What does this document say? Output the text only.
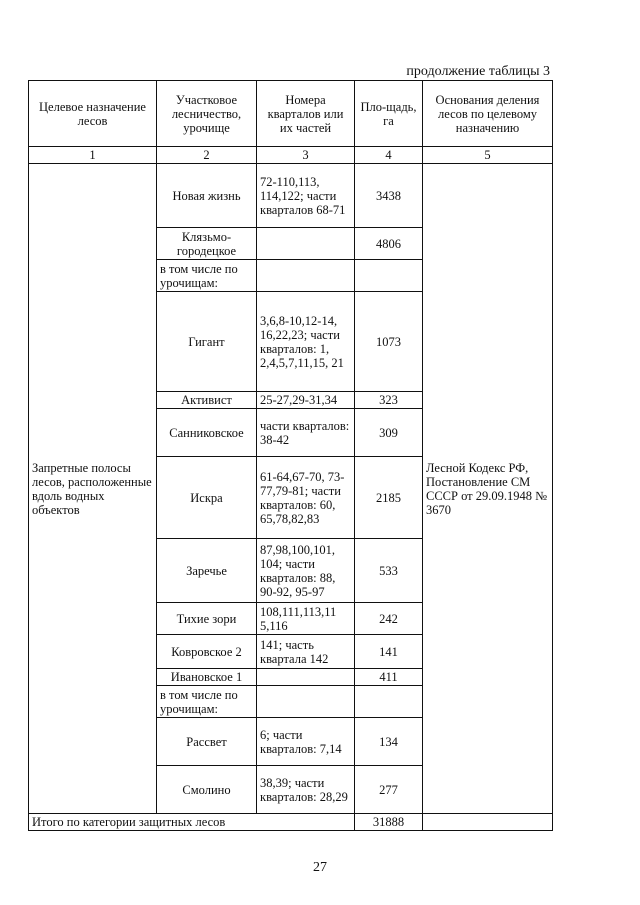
продолжение таблицы 3
Целевое назначение лесов	Участковое лесничество, урочище	Номера кварталов или их частей	Пло-щадь, га	Основания деления лесов по целевому назначению
1	2	3	4	5
Запретные полосы лесов, расположенные вдоль водных объектов	Новая жизнь	72-110,113, 114,122; части кварталов 68-71	3438	Лесной Кодекс РФ, Постановление СМ СССР от 29.09.1948 № 3670
	Клязьмо-городецкое		4806	
	в том числе по урочищам:			
	Гигант	3,6,8-10,12-14, 16,22,23; части кварталов: 1, 2,4,5,7,11,15, 21	1073	
	Активист	25-27,29-31,34	323	
	Санниковское	части кварталов: 38-42	309	
	Искра	61-64,67-70, 73-77,79-81; части кварталов: 60, 65,78,82,83	2185	
	Заречье	87,98,100,101, 104; части кварталов: 88, 90-92, 95-97	533	
	Тихие зори	108,111,113,11 5,116	242	
	Ковровское 2	141; часть квартала 142	141	
	Ивановское 1		411	
	в том числе по урочищам:			
	Рассвет	6; части кварталов: 7,14	134	
	Смолино	38,39; части кварталов: 28,29	277	
Итого по категории защитных лесов			31888	
27
